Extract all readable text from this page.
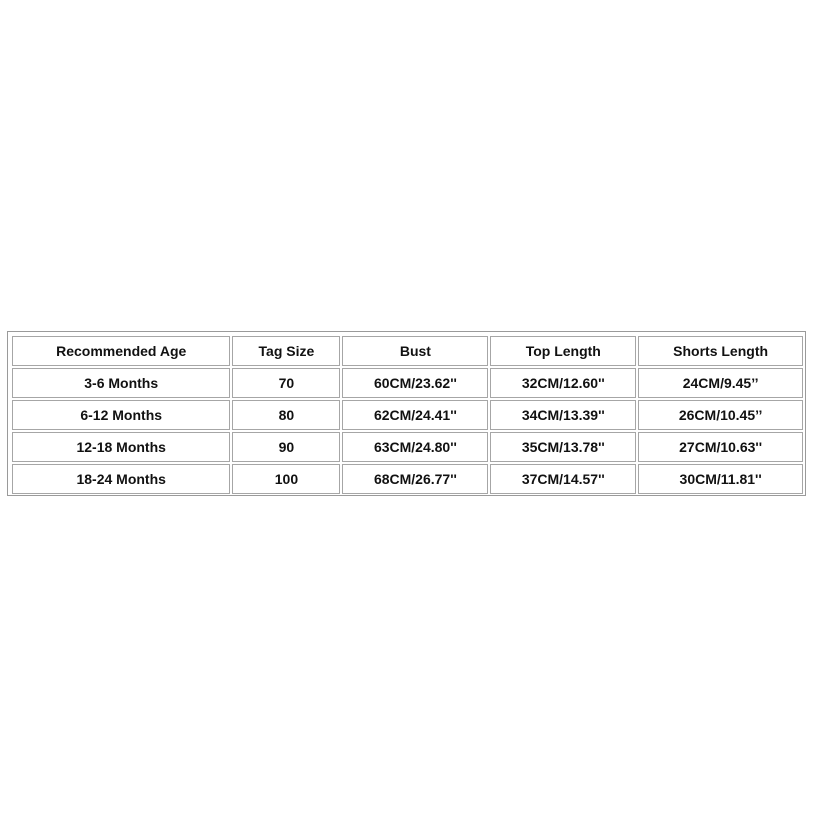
Recommended Age	Tag Size	Bust	Top Length	Shorts Length
3-6 Months	70	60CM/23.62''	32CM/12.60''	24CM/9.45’’
6-12 Months	80	62CM/24.41''	34CM/13.39''	26CM/10.45’’
12-18 Months	90	63CM/24.80''	35CM/13.78''	27CM/10.63''
18-24 Months	100	68CM/26.77''	37CM/14.57''	30CM/11.81''
